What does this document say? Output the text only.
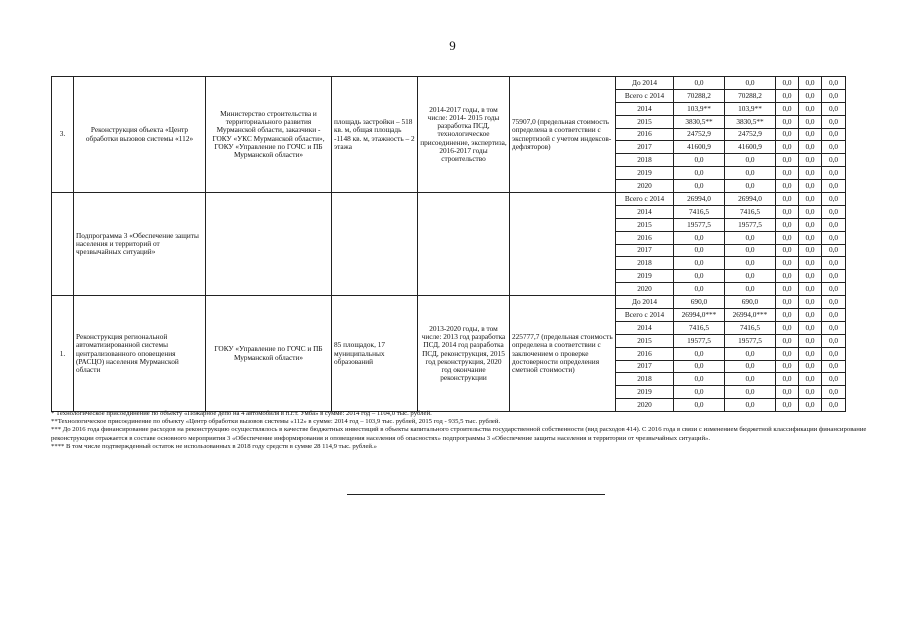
9
3.	Реконструкция объекта «Центр обработки вызовов системы «112»	Министерство строительства и территориального развития Мурманской области, заказчики - ГОКУ «УКС Мурманской области», ГОКУ «Управление по ГОЧС и ПБ Мурманской области»	площадь застройки – 518 кв. м, общая площадь -1148 кв. м, этажность – 2 этажа	2014-2017 годы, в том числе: 2014- 2015 годы разработка ПСД, технологическое присоединение, экспертиза, 2016-2017 годы строительство	75907,0 (предельная стоимость определена в соответствии с экспертизой с учетом индексов-дефляторов)	До 2014	0,0	0,0	0,0	0,0	0,0
						Всего с 2014	70288,2	70288,2	0,0	0,0	0,0
						2014	103,9**	103,9**	0,0	0,0	0,0
						2015	3830,5**	3830,5**	0,0	0,0	0,0
						2016	24752,9	24752,9	0,0	0,0	0,0
						2017	41600,9	41600,9	0,0	0,0	0,0
						2018	0,0	0,0	0,0	0,0	0,0
						2019	0,0	0,0	0,0	0,0	0,0
						2020	0,0	0,0	0,0	0,0	0,0
	Подпрограмма 3 «Обеспечение защиты населения и территорий от чрезвычайных ситуаций»					Всего с 2014	26994,0	26994,0	0,0	0,0	0,0
						2014	7416,5	7416,5	0,0	0,0	0,0
						2015	19577,5	19577,5	0,0	0,0	0,0
						2016	0,0	0,0	0,0	0,0	0,0
						2017	0,0	0,0	0,0	0,0	0,0
						2018	0,0	0,0	0,0	0,0	0,0
						2019	0,0	0,0	0,0	0,0	0,0
						2020	0,0	0,0	0,0	0,0	0,0
1.	Реконструкция региональной автоматизированной системы централизованного оповещения (РАСЦО) населения Мурманской области	ГОКУ «Управление по ГОЧС и ПБ Мурманской области»	85 площадок, 17 муниципальных образований	2013-2020 годы, в том числе: 2013 год разработка ПСД, 2014 год разработка ПСД, реконструкция, 2015 год реконструкция, 2020 год окончание реконструкции	225777,7 (предельная стоимость определена в соответствии с заключением о проверке достоверности определения сметной стоимости)	До 2014	690,0	690,0	0,0	0,0	0,0
						Всего с 2014	26994,0***	26994,0***	0,0	0,0	0,0
						2014	7416,5	7416,5	0,0	0,0	0,0
						2015	19577,5	19577,5	0,0	0,0	0,0
						2016	0,0	0,0	0,0	0,0	0,0
						2017	0,0	0,0	0,0	0,0	0,0
						2018	0,0	0,0	0,0	0,0	0,0
						2019	0,0	0,0	0,0	0,0	0,0
						2020	0,0	0,0	0,0	0,0	0,0

* Технологическое присоединение по объекту «Пожарное депо на 4 автомобиля в п.г.т. Умба» в сумме: 2014 год – 1104,0 тыс. рублей.

**Технологическое присоединение по объекту «Центр обработки вызовов системы «112» в сумме: 2014 год – 103,9 тыс. рублей, 2015 год - 935,5 тыс. рублей.

*** До 2016 года финансирование расходов на реконструкцию осуществлялось в качестве бюджетных инвестиций в объекты капитального строительства государственной собственности (вид расходов 414). С 2016 года в связи с изменением бюджетной классификации финансирование реконструкции отражается в составе основного мероприятия 3 «Обеспечение информирования и оповещения населения об опасностях» подпрограммы 3 «Обеспечение защиты населения и территории от чрезвычайных ситуаций».

**** В том числе подтвержденный остаток не использованных в 2018 году средств в сумме 28 114,9 тыс. рублей.»
